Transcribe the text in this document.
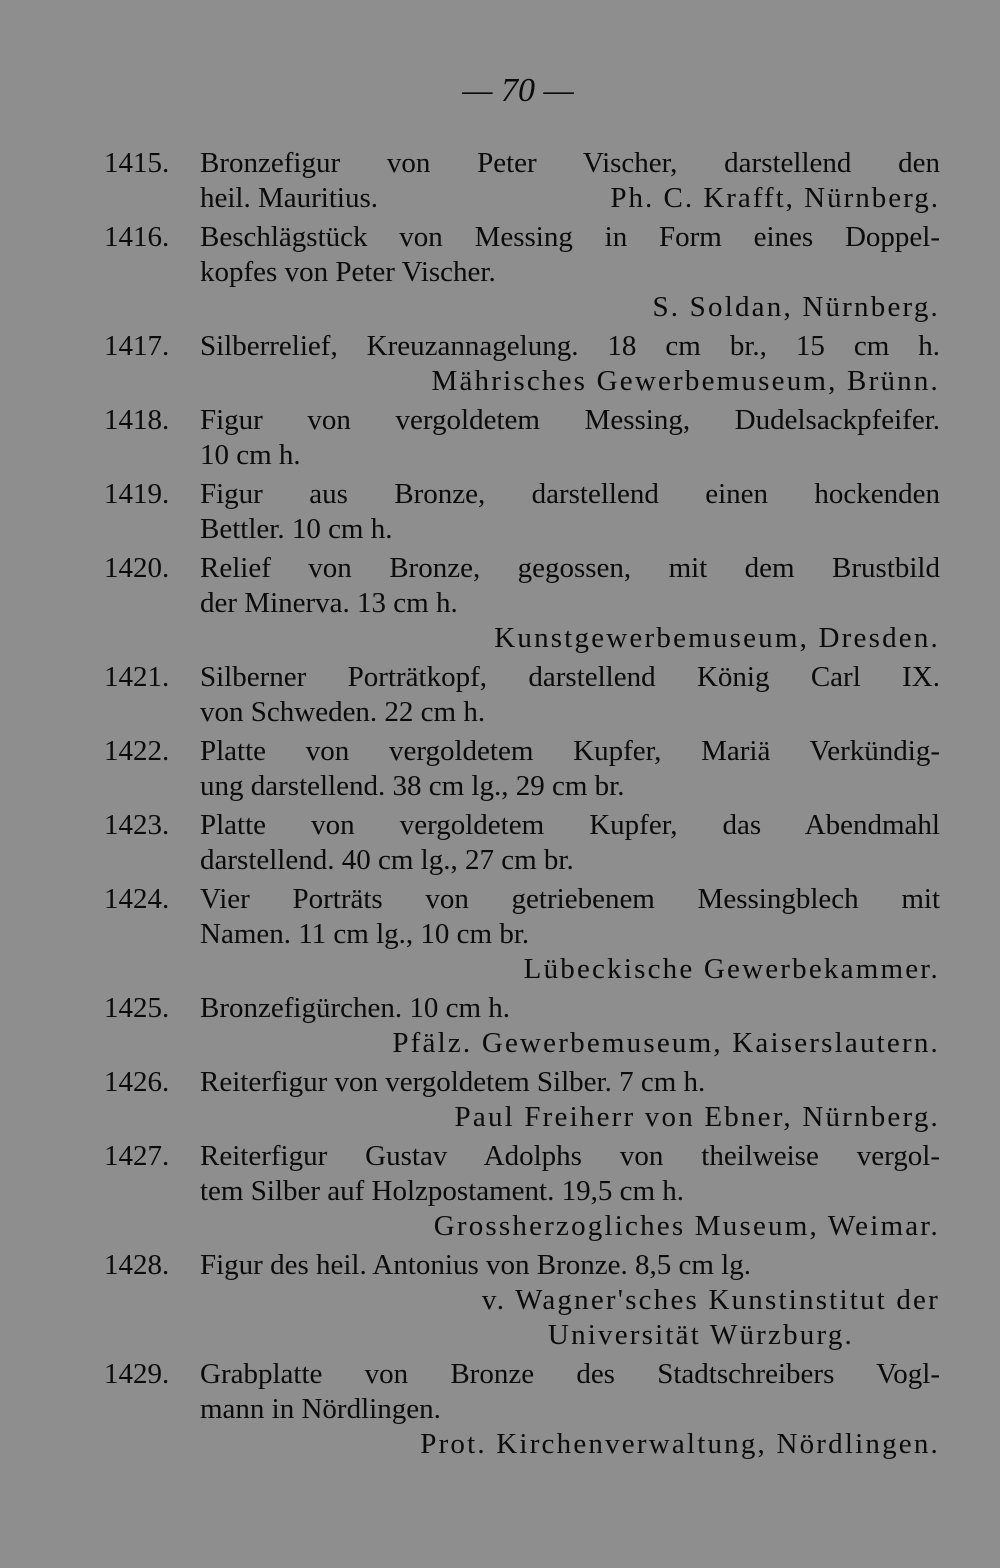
— 70 —
1415.	Bronzefigur von Peter Vischer, darstellend den
heil. Mauritius.	Ph. C. Krafft, Nürnberg.
1416.	Beschlägstück von Messing in Form eines Doppel-
kopfes von Peter Vischer.
S. Soldan, Nürnberg.
1417.	Silberrelief, Kreuzannagelung. 18 cm br., 15 cm h.
Mährisches Gewerbemuseum, Brünn.
1418.	Figur von vergoldetem Messing, Dudelsackpfeifer.
10 cm h.
1419.	Figur aus Bronze, darstellend einen hockenden
Bettler. 10 cm h.
1420.	Relief von Bronze, gegossen, mit dem Brustbild
der Minerva. 13 cm h.
Kunstgewerbemuseum, Dresden.
1421.	Silberner Porträtkopf, darstellend König Carl IX.
von Schweden. 22 cm h.
1422.	Platte von vergoldetem Kupfer, Mariä Verkündig-
ung darstellend. 38 cm lg., 29 cm br.
1423.	Platte von vergoldetem Kupfer, das Abendmahl
darstellend. 40 cm lg., 27 cm br.
1424.	Vier Porträts von getriebenem Messingblech mit
Namen. 11 cm lg., 10 cm br.
Lübeckische Gewerbekammer.
1425.	Bronzefigürchen. 10 cm h.
Pfälz. Gewerbemuseum, Kaiserslautern.
1426.	Reiterfigur von vergoldetem Silber. 7 cm h.
Paul Freiherr von Ebner, Nürnberg.
1427.	Reiterfigur Gustav Adolphs von theilweise vergol-
tem Silber auf Holzpostament. 19,5 cm h.
Grossherzogliches Museum, Weimar.
1428.	Figur des heil. Antonius von Bronze. 8,5 cm lg.
v. Wagner'sches Kunstinstitut der
Universität Würzburg.
1429.	Grabplatte von Bronze des Stadtschreibers Vogl-
mann in Nördlingen.
Prot. Kirchenverwaltung, Nördlingen.
